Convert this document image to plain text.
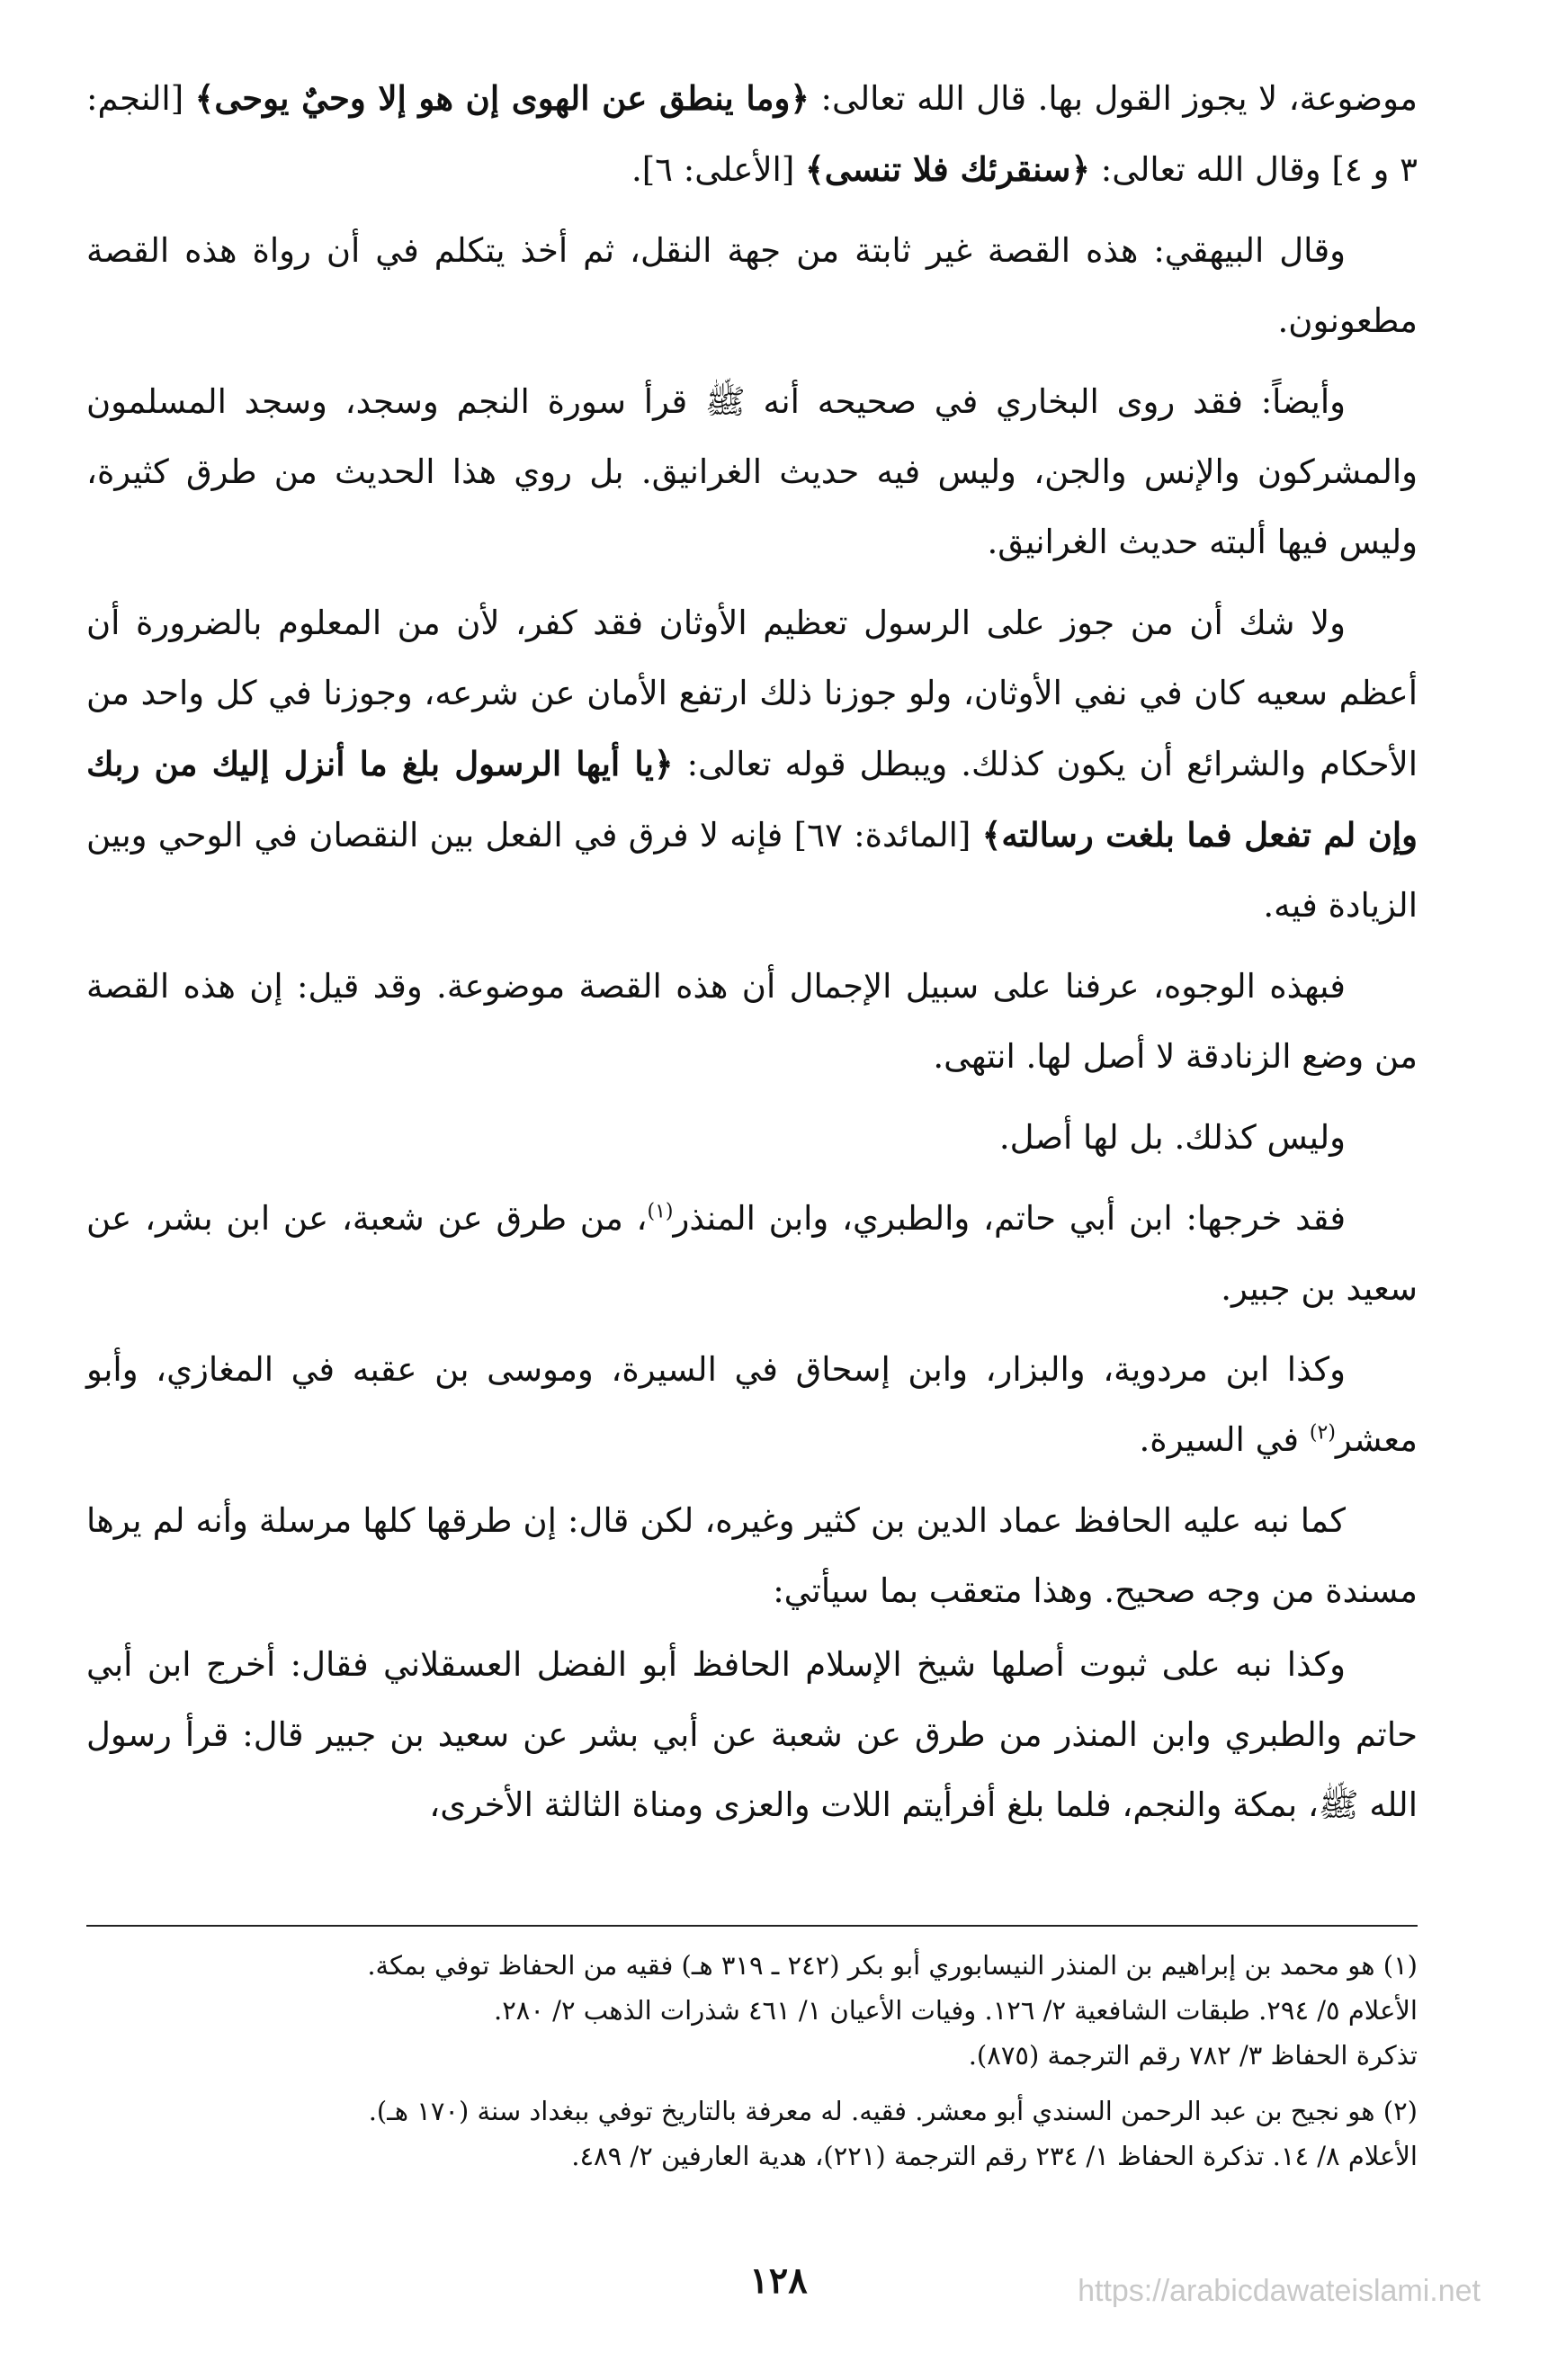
موضوعة، لا يجوز القول بها. قال الله تعالى: ﴿وما ينطق عن الهوى إن هو إلا وحيٌ يوحى﴾ [النجم: ٣ و ٤] وقال الله تعالى: ﴿سنقرئك فلا تنسى﴾ [الأعلى: ٦].

وقال البيهقي: هذه القصة غير ثابتة من جهة النقل، ثم أخذ يتكلم في أن رواة هذه القصة مطعونون.

وأيضاً: فقد روى البخاري في صحيحه أنه ﷺ قرأ سورة النجم وسجد، وسجد المسلمون والمشركون والإنس والجن، وليس فيه حديث الغرانيق. بل روي هذا الحديث من طرق كثيرة، وليس فيها ألبته حديث الغرانيق.

ولا شك أن من جوز على الرسول تعظيم الأوثان فقد كفر، لأن من المعلوم بالضرورة أن أعظم سعيه كان في نفي الأوثان، ولو جوزنا ذلك ارتفع الأمان عن شرعه، وجوزنا في كل واحد من الأحكام والشرائع أن يكون كذلك. ويبطل قوله تعالى: ﴿يا أيها الرسول بلغ ما أنزل إليك من ربك وإن لم تفعل فما بلغت رسالته﴾ [المائدة: ٦٧] فإنه لا فرق في الفعل بين النقصان في الوحي وبين الزيادة فيه.

فبهذه الوجوه، عرفنا على سبيل الإجمال أن هذه القصة موضوعة. وقد قيل: إن هذه القصة من وضع الزنادقة لا أصل لها. انتهى.

وليس كذلك. بل لها أصل.

فقد خرجها: ابن أبي حاتم، والطبري، وابن المنذر$^{(١)}$، من طرق عن شعبة، عن ابن بشر، عن سعيد بن جبير.

وكذا ابن مردوية، والبزار، وابن إسحاق في السيرة، وموسى بن عقبه في المغازي، وأبو معشر$^{(٢)}$ في السيرة.

كما نبه عليه الحافظ عماد الدين بن كثير وغيره، لكن قال: إن طرقها كلها مرسلة وأنه لم يرها مسندة من وجه صحيح. وهذا متعقب بما سيأتي:

وكذا نبه على ثبوت أصلها شيخ الإسلام الحافظ أبو الفضل العسقلاني فقال: أخرج ابن أبي حاتم والطبري وابن المنذر من طرق عن شعبة عن أبي بشر عن سعيد بن جبير قال: قرأ رسول الله ﷺ، بمكة والنجم، فلما بلغ أفرأيتم اللات والعزى ومناة الثالثة الأخرى،

(١) هو محمد بن إبراهيم بن المنذر النيسابوري أبو بكر (٢٤٢ ـ ٣١٩ هـ) فقيه من الحفاظ توفي بمكة.

الأعلام ٥/ ٢٩٤. طبقات الشافعية ٢/ ١٢٦. وفيات الأعيان ١/ ٤٦١ شذرات الذهب ٢/ ٢٨٠.

تذكرة الحفاظ ٣/ ٧٨٢ رقم الترجمة (٨٧٥).

(٢) هو نجيح بن عبد الرحمن السندي أبو معشر. فقيه. له معرفة بالتاريخ توفي ببغداد سنة (١٧٠ هـ).

الأعلام ٨/ ١٤. تذكرة الحفاظ ١/ ٢٣٤ رقم الترجمة (٢٢١)، هدية العارفين ٢/ ٤٨٩.

١٢٨	https://arabicdawateislami.net
